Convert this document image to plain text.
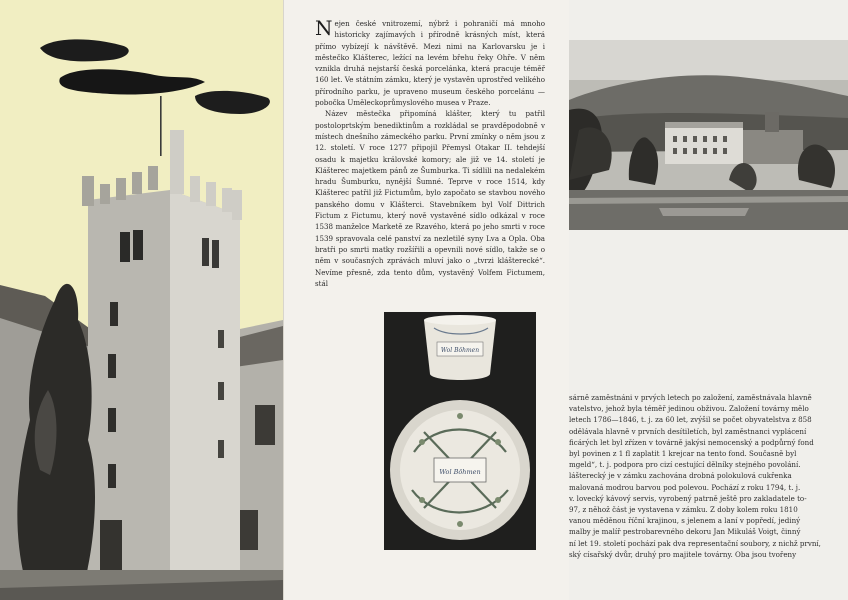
Nejen české vnitrozemí, nýbrž i pohraničí má mnoho historicky zajímavých i přírodně krásných míst, která přímo vybízejí k návštěvě. Mezi nimi na Karlovarsku je i městečko Klášterec, ležící na levém břehu řeky Ohře. V něm vznikla druhá nejstarší česká porcelánka, která pracuje téměř 160 let. Ve státním zámku, který je vystavěn uprostřed velikého přírodního parku, je upraveno museum českého porcelánu — pobočka Uměleckoprůmyslového musea v Praze.

Název městečka připomíná klášter, který tu patřil postoloprtským benediktinům a rozkládal se pravděpodobně v místech dnešního zámeckého parku. První zmínky o něm jsou z 12. století. V roce 1277 připojil Přemysl Otakar II. tehdejší osadu k majetku královské komory; ale již ve 14. století je Klášterec majetkem pánů ze Šumburka. Ti sídlili na nedalekém hradu Šumburku, nynější Šumné. Teprve v roce 1514, kdy Klášterec patřil již Fictumům, bylo započato se stavbou nového panského domu v Klášterci. Stavebníkem byl Volf Dittrich Fictum z Fictumu, který nově vystavěné sídlo odkázal v roce 1538 manželce Marketě ze Rzavého, která po jeho smrti v roce 1539 spravovala celé panství za nezletilé syny Lva a Opla. Oba bratři po smrti matky rozšířili a opevnili nové sídlo, takže se o něm v současných zprávách mluví jako o „tvrzi klášterecké“. Nevíme přesně, zda tento dům, vystavěný Volfem Fictumem, stál

Wol Böhmen
Wol Böhmen
sárně zaměstnáni v prvých letech po založení, zaměstnávala hlavně
vatelstvo, jehož byla téměř jedinou obživou. Založení továrny mělo
letech 1786—1846, t. j. za 60 let, zvýšil se počet obyvatelstva z 858
odělávala hlavně v prvních desítiletích, byl zaměstnanci vyplácení
ficárých let byl zřízen v továrně jakýsi nemocenský a podpůrný fond
byl povinen z 1 fl zaplatit 1 krejcar na tento fond. Současně byl
mgeld“, t. j. podpora pro cizí cestující dělníky stejného povolání.
lášterecký je v zámku zachována drobná polokulová cukřenka
malovaná modrou barvou pod polevou. Pochází z roku 1794, t. j.
v. lovecký kávový servis, vyrobený patrně ještě pro zakladatele to-
97, z něhož část je vystavena v zámku. Z doby kolem roku 1810
vanou měděnou říční krajinou, s jelenem a laní v popředí, jediný
malby je malíř pestrobarevného dekoru Jan Mikuláš Voigt, činný
ní let 19. století pochází pak dva representační soubory, z nichž první,
ský císařský dvůr, druhý pro majitele továrny. Oba jsou tvořeny
